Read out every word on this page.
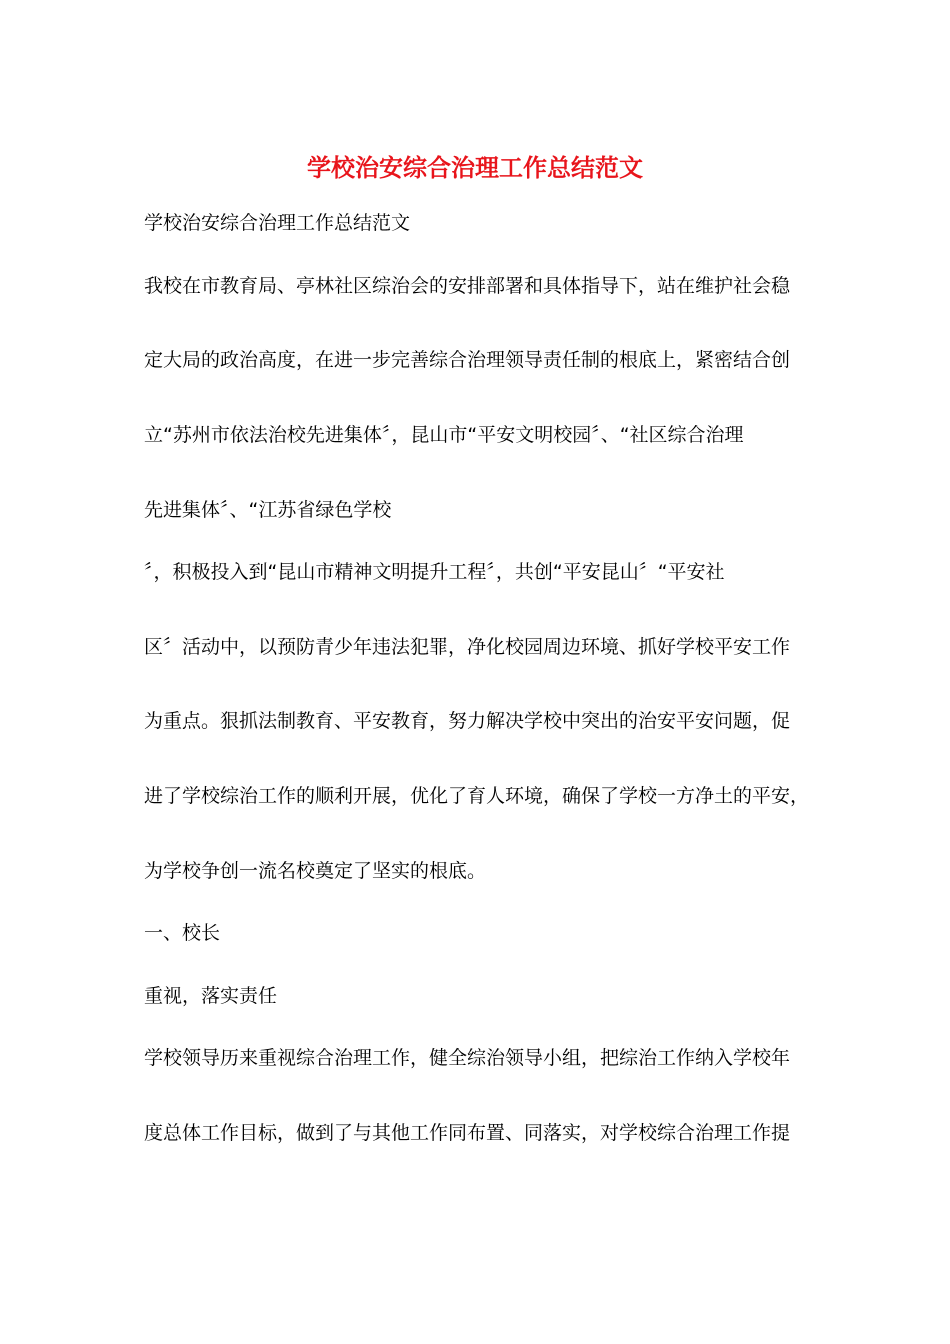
学校治安综合治理工作总结范文

学校治安综合治理工作总结范文

我校在市教育局、亭林社区综治会的安排部署和具体指导下，站在维护社会稳

定大局的政治高度，在进一步完善综合治理领导责任制的根底上，紧密结合创

立“苏州市依法治校先进集体〞，昆山市“平安文明校园〞、“社区综合治理

先进集体〞、“江苏省绿色学校

〞，积极投入到“昆山市精神文明提升工程〞，共创“平安昆山〞“平安社

区〞活动中，以预防青少年违法犯罪，净化校园周边环境、抓好学校平安工作

为重点。狠抓法制教育、平安教育，努力解决学校中突出的治安平安问题，促

进了学校综治工作的顺利开展，优化了育人环境，确保了学校一方净土的平安，

为学校争创一流名校奠定了坚实的根底。

一、校长

重视，落实责任

学校领导历来重视综合治理工作，健全综治领导小组，把综治工作纳入学校年

度总体工作目标，做到了与其他工作同布置、同落实，对学校综合治理工作提
